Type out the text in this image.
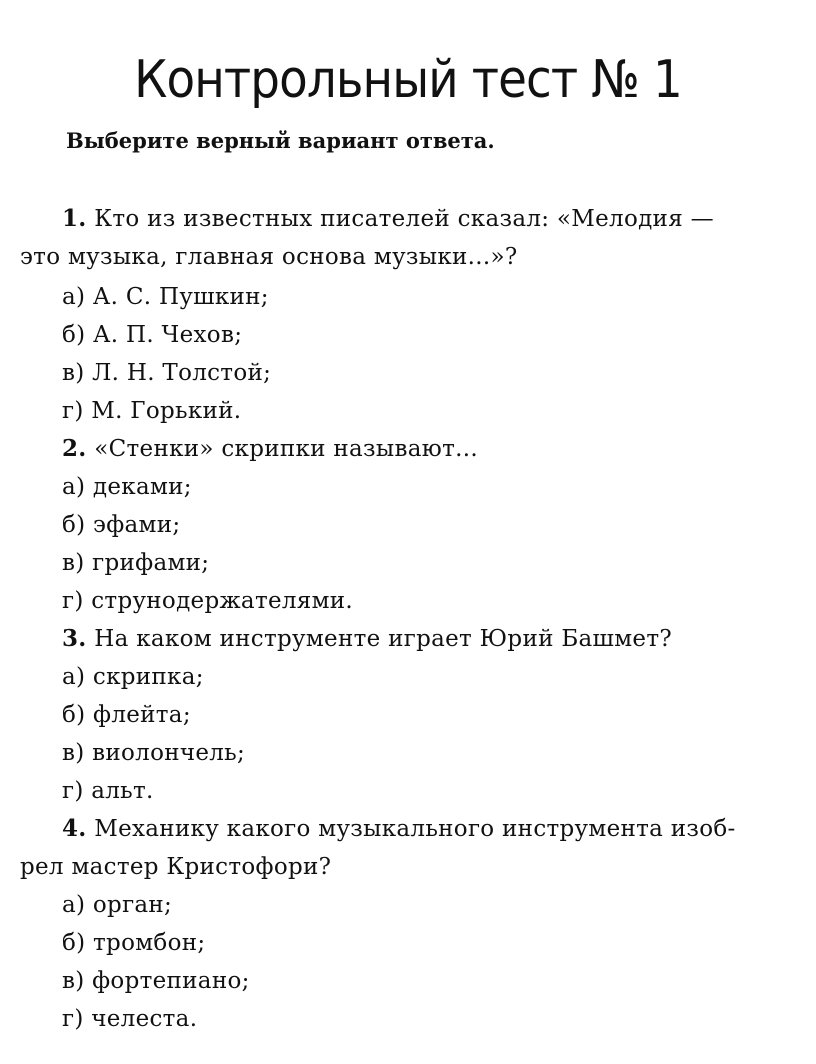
Контрольный тест № 1
Выберите верный вариант ответа.
1. Кто из известных писателей сказал: «Мелодия —
это музыка, главная основа музыки...»?
а) А. С. Пушкин;
б) А. П. Чехов;
в) Л. Н. Толстой;
г) М. Горький.
2. «Стенки» скрипки называют...
а) деками;
б) эфами;
в) грифами;
г) струнодержателями.
3. На каком инструменте играет Юрий Башмет?
а) скрипка;
б) флейта;
в) виолончель;
г) альт.
4. Механику какого музыкального инструмента изоб-
рел мастер Кристофори?
а) орган;
б) тромбон;
в) фортепиано;
г) челеста.
